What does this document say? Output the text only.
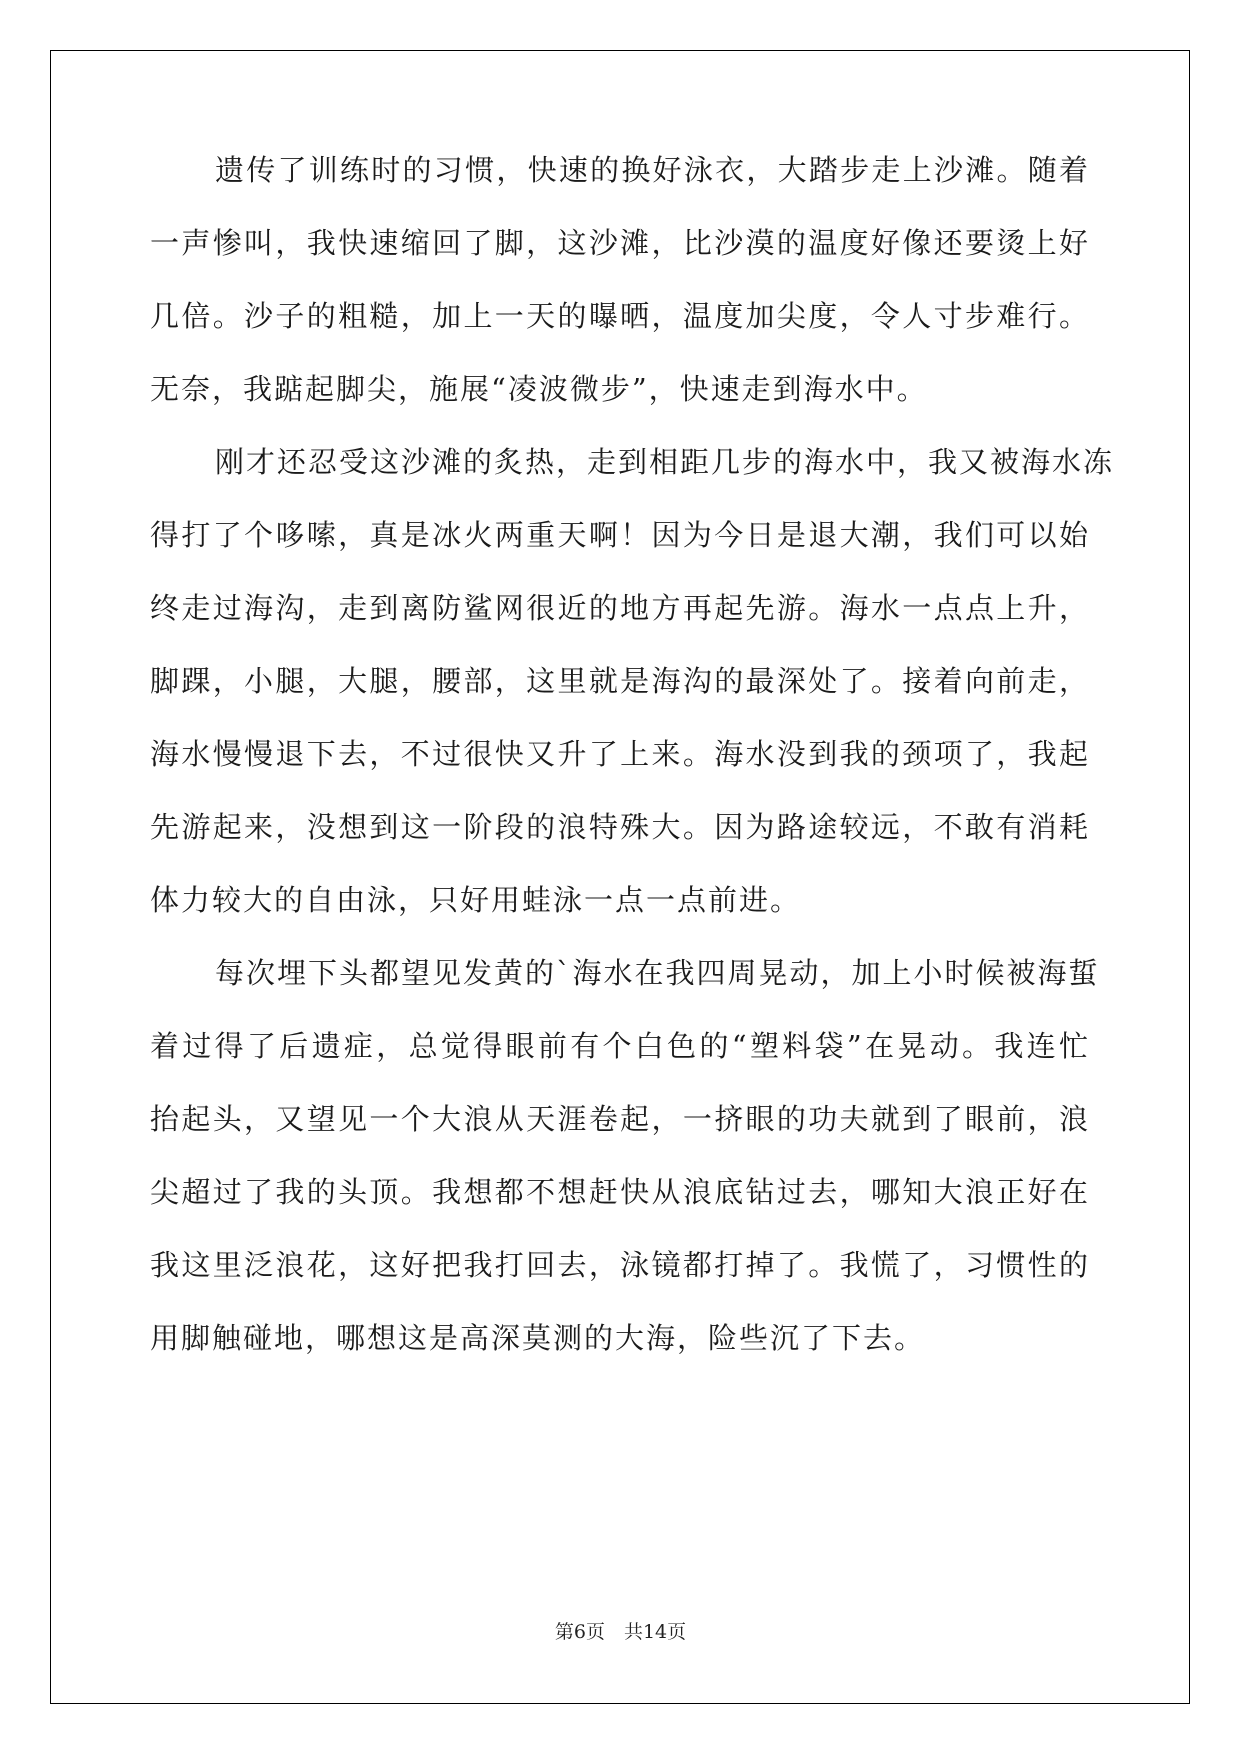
遗传了训练时的习惯，快速的换好泳衣，大踏步走上沙滩。随着
一声惨叫，我快速缩回了脚，这沙滩，比沙漠的温度好像还要烫上好
几倍。沙子的粗糙，加上一天的曝晒，温度加尖度，令人寸步难行。
无奈，我踮起脚尖，施展“凌波微步”，快速走到海水中。
刚才还忍受这沙滩的炙热，走到相距几步的海水中，我又被海水冻
得打了个哆嗦，真是冰火两重天啊！因为今日是退大潮，我们可以始
终走过海沟，走到离防鲨网很近的地方再起先游。海水一点点上升，
脚踝，小腿，大腿，腰部，这里就是海沟的最深处了。接着向前走，
海水慢慢退下去，不过很快又升了上来。海水没到我的颈项了，我起
先游起来，没想到这一阶段的浪特殊大。因为路途较远，不敢有消耗
体力较大的自由泳，只好用蛙泳一点一点前进。
每次埋下头都望见发黄的`海水在我四周晃动，加上小时候被海蜇
着过得了后遗症，总觉得眼前有个白色的“塑料袋”在晃动。我连忙
抬起头，又望见一个大浪从天涯卷起，一挤眼的功夫就到了眼前，浪
尖超过了我的头顶。我想都不想赶快从浪底钻过去，哪知大浪正好在
我这里泛浪花，这好把我打回去，泳镜都打掉了。我慌了，习惯性的
用脚触碰地，哪想这是高深莫测的大海，险些沉了下去。
第6页　共14页
